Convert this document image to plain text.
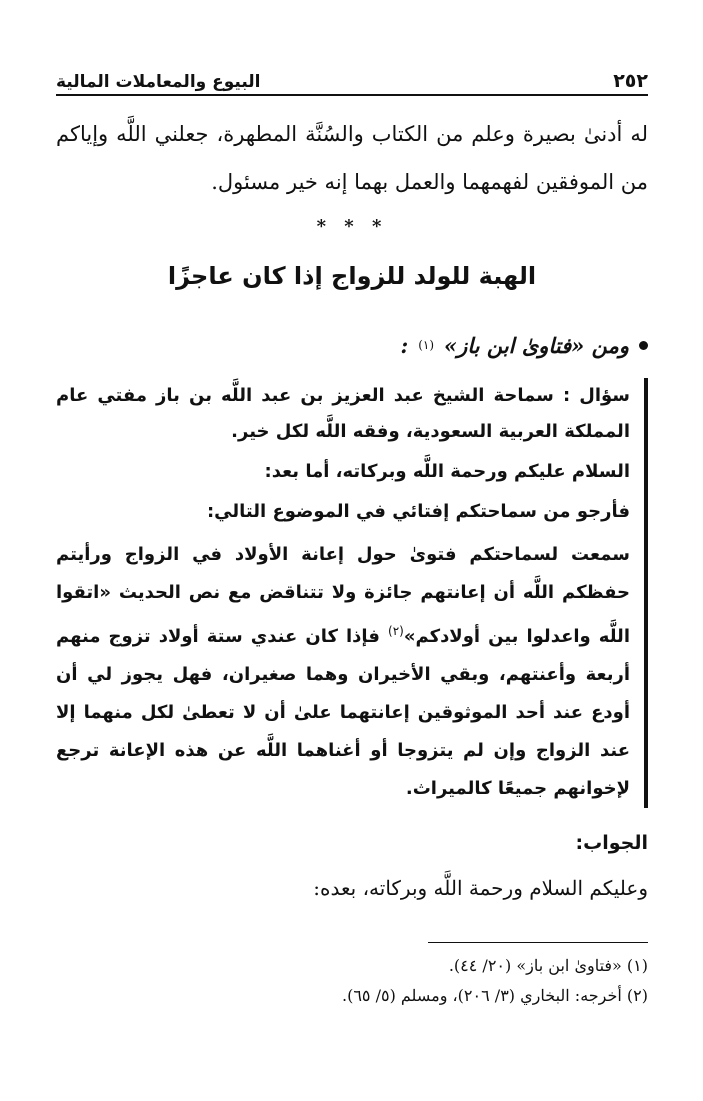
٢٥٢
البيوع والمعاملات المالية

له أدنىٰ بصيرة وعلم من الكتاب والسُنَّة المطهرة، جعلني اللَّه وإياكم من الموفقين لفهمهما والعمل بهما إنه خير مسئول.

* * *
الهبة للولد للزواج إذا كان عاجزًا
ومن «فتاوىٰ ابن باز»
(١)
:

سؤال : سماحة الشيخ عبد العزيز بن عبد اللَّه بن باز مفتي عام المملكة العربية السعودية، وفقه اللَّه لكل خير.

السلام عليكم ورحمة اللَّه وبركاته، أما بعد:

فأرجو من سماحتكم إفتائي في الموضوع التالي:

سمعت لسماحتكم فتوىٰ حول إعانة الأولاد في الزواج ورأيتم حفظكم اللَّه أن إعانتهم جائزة ولا تتناقض مع نص الحديث «اتقوا اللَّه واعدلوا بين أولادكم»$^{(٢)}$ فإذا كان عندي ستة أولاد تزوج منهم أربعة وأعنتهم، وبقي الأخيران وهما صغيران، فهل يجوز لي أن أودع عند أحد الموثوقين إعانتهما علىٰ أن لا تعطىٰ لكل منهما إلا عند الزواج وإن لم يتزوجا أو أغناهما اللَّه عن هذه الإعانة ترجع لإخوانهم جميعًا كالميراث.

الجواب:
وعليكم السلام ورحمة اللَّه وبركاته، بعده:

(١) «فتاوىٰ ابن باز» (٢٠/ ٤٤).

(٢) أخرجه: البخاري (٣/ ٢٠٦)، ومسلم (٥/ ٦٥).
